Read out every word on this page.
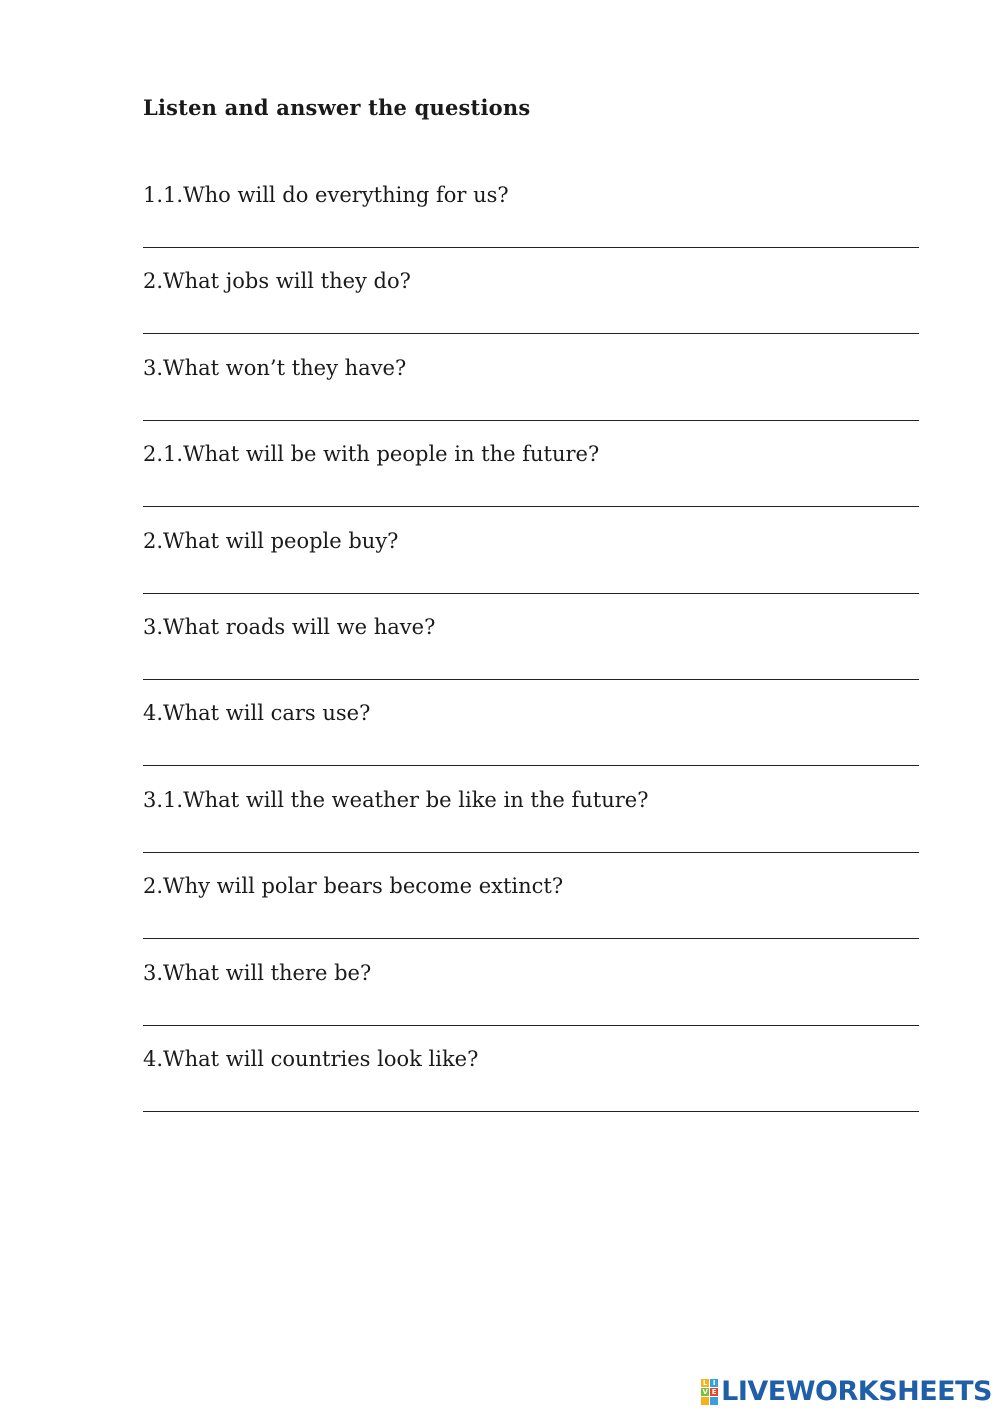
Listen and answer the questions
1.1.Who will do everything for us?
2.What jobs will they do?
3.What won’t they have?
2.1.What will be with people in the future?
2.What will people buy?
3.What roads will we have?
4.What will cars use?
3.1.What will the weather be like in the future?
2.Why will polar bears become extinct?
3.What will there be?
4.What will countries look like?
L I
V E LIVEWORKSHEETS
